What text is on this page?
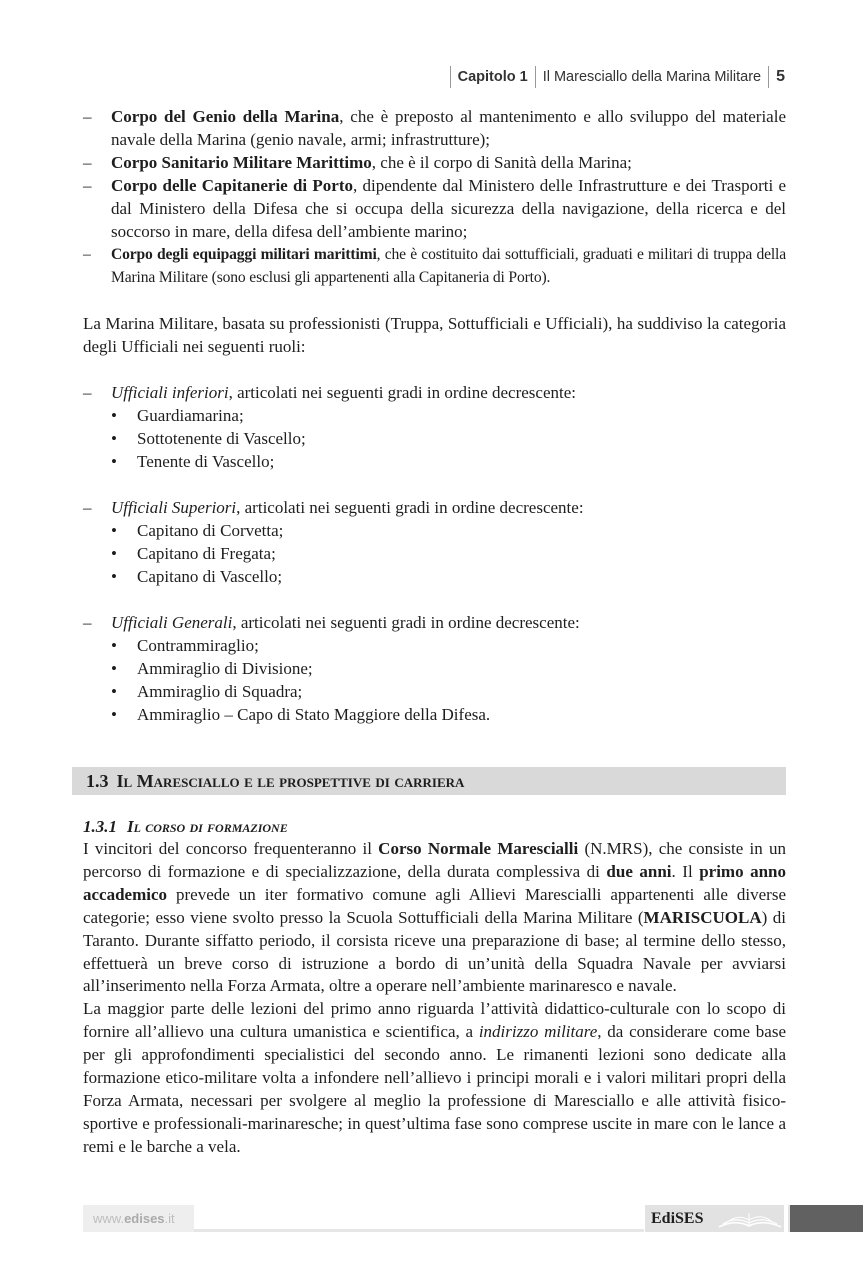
Capitolo 1 Il Maresciallo della Marina Militare 5
– Corpo del Genio della Marina, che è preposto al mantenimento e allo sviluppo del materiale navale della Marina (genio navale, armi; infrastrutture);
– Corpo Sanitario Militare Marittimo, che è il corpo di Sanità della Marina;
– Corpo delle Capitanerie di Porto, dipendente dal Ministero delle Infrastrutture e dei Trasporti e dal Ministero della Difesa che si occupa della sicurezza della navigazione, della ricerca e del soccorso in mare, della difesa dell’ambiente marino;
– Corpo degli equipaggi militari marittimi, che è costituito dai sottufficiali, graduati e militari di truppa della Marina Militare (sono esclusi gli appartenenti alla Capitaneria di Porto).
La Marina Militare, basata su professionisti (Truppa, Sottufficiali e Ufficiali), ha suddiviso la categoria degli Ufficiali nei seguenti ruoli:
– Ufficiali inferiori, articolati nei seguenti gradi in ordine decrescente:
• Guardiamarina;
• Sottotenente di Vascello;
• Tenente di Vascello;
– Ufficiali Superiori, articolati nei seguenti gradi in ordine decrescente:
• Capitano di Corvetta;
• Capitano di Fregata;
• Capitano di Vascello;
– Ufficiali Generali, articolati nei seguenti gradi in ordine decrescente:
• Contrammiraglio;
• Ammiraglio di Divisione;
• Ammiraglio di Squadra;
• Ammiraglio – Capo di Stato Maggiore della Difesa.
1.3 Il Maresciallo e le prospettive di carriera
1.3.1 Il corso di formazione
I vincitori del concorso frequenteranno il Corso Normale Marescialli (N.MRS), che consiste in un percorso di formazione e di specializzazione, della durata complessiva di due anni. Il primo anno accademico prevede un iter formativo comune agli Allievi Marescialli appartenenti alle diverse categorie; esso viene svolto presso la Scuola Sottufficiali della Marina Militare (MARISCUOLA) di Taranto. Durante siffatto periodo, il corsista riceve una preparazione di base; al termine dello stesso, effettuerà un breve corso di istruzione a bordo di un’unità della Squadra Navale per avviarsi all’inserimento nella Forza Armata, oltre a operare nell’ambiente marinaresco e navale.
La maggior parte delle lezioni del primo anno riguarda l’attività didattico-culturale con lo scopo di fornire all’allievo una cultura umanistica e scientifica, a indirizzo militare, da considerare come base per gli approfondimenti specialistici del secondo anno. Le rimanenti lezioni sono dedicate alla formazione etico-militare volta a infondere nell’allievo i principi morali e i valori militari propri della Forza Armata, necessari per svolgere al meglio la professione di Maresciallo e alle attività fisico-sportive e professionali-marinaresche; in quest’ultima fase sono comprese uscite in mare con le lance a remi e le barche a vela.
www. edises .it	EdiSES
